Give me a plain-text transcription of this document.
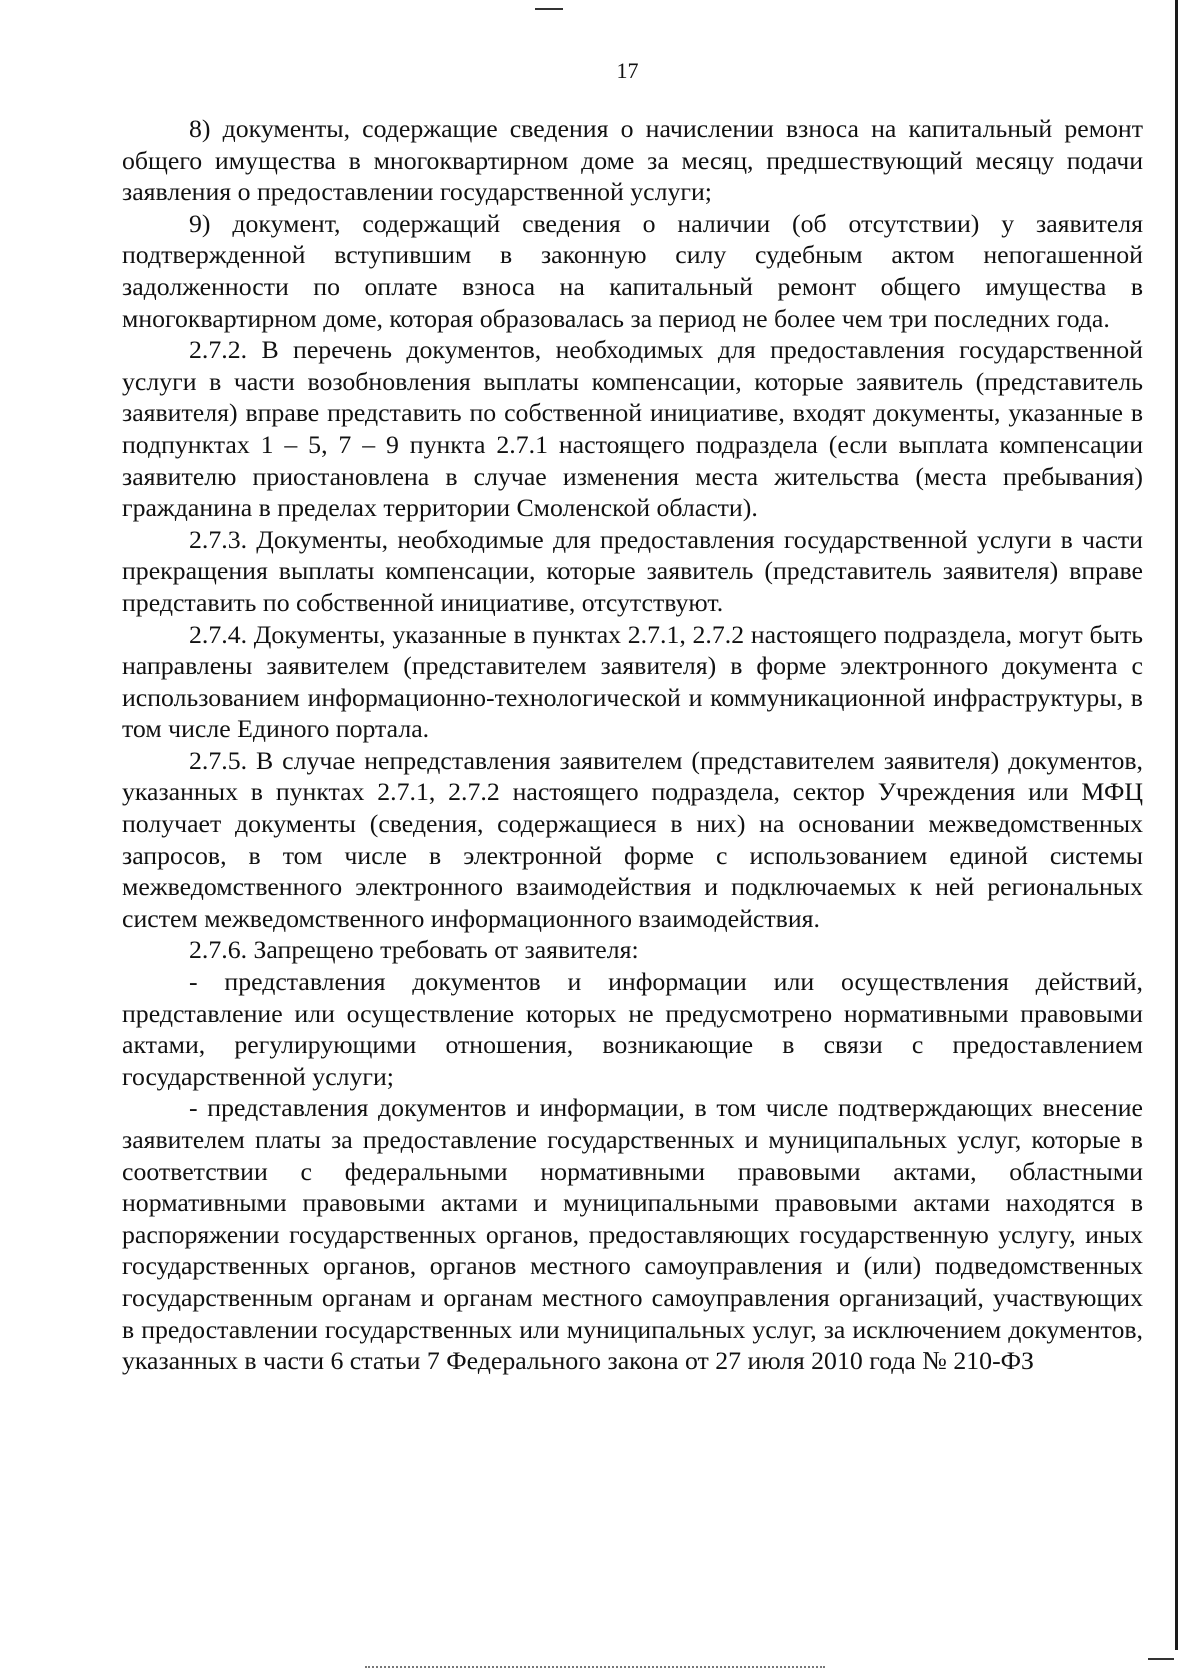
17

8) документы, содержащие сведения о начислении взноса на капитальный ремонт общего имущества в многоквартирном доме за месяц, предшествующий месяцу подачи заявления о предоставлении государственной услуги;

9) документ, содержащий сведения о наличии (об отсутствии) у заявителя подтвержденной вступившим в законную силу судебным актом непогашенной задолженности по оплате взноса на капитальный ремонт общего имущества в многоквартирном доме, которая образовалась за период не более чем три последних года.

2.7.2. В перечень документов, необходимых для предоставления государственной услуги в части возобновления выплаты компенсации, которые заявитель (представитель заявителя) вправе представить по собственной инициативе, входят документы, указанные в подпунктах 1 – 5, 7 – 9 пункта 2.7.1 настоящего подраздела (если выплата компенсации заявителю приостановлена в случае изменения места жительства (места пребывания) гражданина в пределах территории Смоленской области).

2.7.3. Документы, необходимые для предоставления государственной услуги в части прекращения выплаты компенсации, которые заявитель (представитель заявителя) вправе представить по собственной инициативе, отсутствуют.

2.7.4. Документы, указанные в пунктах 2.7.1, 2.7.2 настоящего подраздела, могут быть направлены заявителем (представителем заявителя) в форме электронного документа с использованием информационно-технологической и коммуникационной инфраструктуры, в том числе Единого портала.

2.7.5. В случае непредставления заявителем (представителем заявителя) документов, указанных в пунктах 2.7.1, 2.7.2 настоящего подраздела, сектор Учреждения или МФЦ получает документы (сведения, содержащиеся в них) на основании межведомственных запросов, в том числе в электронной форме с использованием единой системы межведомственного электронного взаимодействия и подключаемых к ней региональных систем межведомственного информационного взаимодействия.

2.7.6. Запрещено требовать от заявителя:

- представления документов и информации или осуществления действий, представление или осуществление которых не предусмотрено нормативными правовыми актами, регулирующими отношения, возникающие в связи с предоставлением государственной услуги;

- представления документов и информации, в том числе подтверждающих внесение заявителем платы за предоставление государственных и муниципальных услуг, которые в соответствии с федеральными нормативными правовыми актами, областными нормативными правовыми актами и муниципальными правовыми актами находятся в распоряжении государственных органов, предоставляющих государственную услугу, иных государственных органов, органов местного самоуправления и (или) подведомственных государственным органам и органам местного самоуправления организаций, участвующих в предоставлении государственных или муниципальных услуг, за исключением документов, указанных в части 6 статьи 7 Федерального закона от 27 июля 2010 года № 210-ФЗ
